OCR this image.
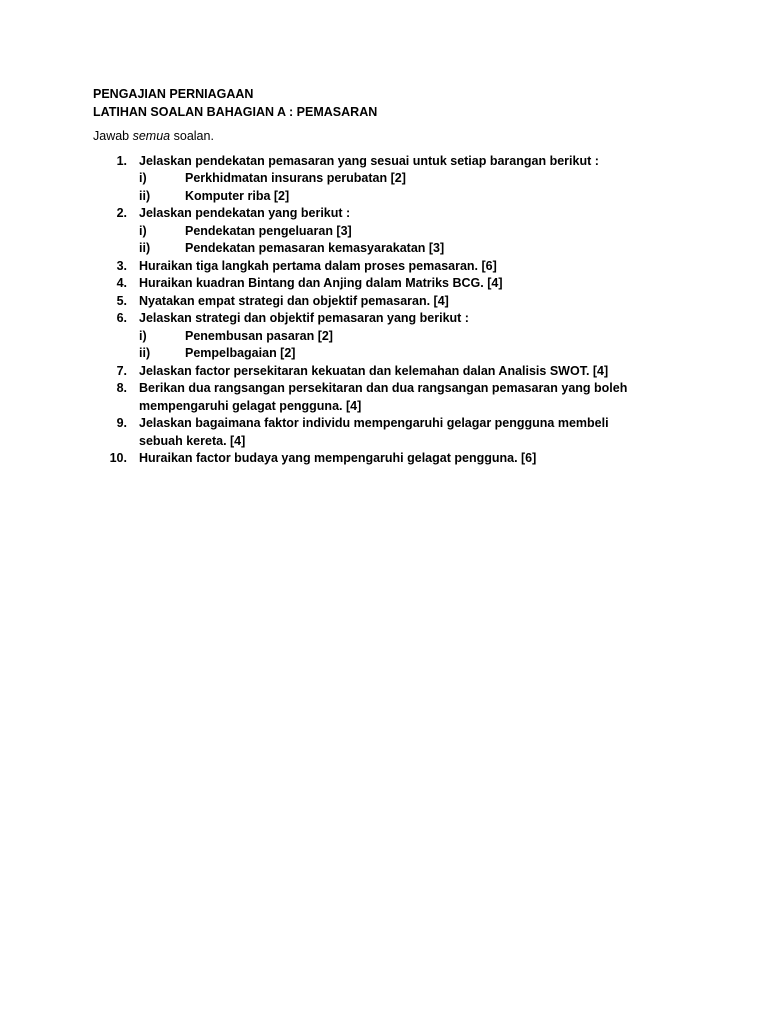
PENGAJIAN PERNIAGAAN
LATIHAN SOALAN BAHAGIAN A : PEMASARAN
Jawab semua soalan.
1. Jelaskan pendekatan pemasaran yang sesuai untuk setiap barangan berikut :
i)	Perkhidmatan insurans perubatan [2]
ii)	Komputer riba [2]
2. Jelaskan pendekatan yang berikut :
i)	Pendekatan pengeluaran [3]
ii)	Pendekatan pemasaran kemasyarakatan [3]
3. Huraikan tiga langkah pertama dalam proses pemasaran. [6]
4. Huraikan kuadran Bintang dan Anjing dalam Matriks BCG. [4]
5. Nyatakan empat strategi dan objektif pemasaran. [4]
6. Jelaskan strategi dan objektif pemasaran yang berikut :
i)	Penembusan pasaran [2]
ii)	Pempelbagaian [2]
7. Jelaskan factor persekitaran kekuatan dan kelemahan dalan Analisis SWOT. [4]
8. Berikan dua rangsangan persekitaran dan dua rangsangan pemasaran yang boleh mempengaruhi gelagat pengguna. [4]
9. Jelaskan bagaimana faktor individu mempengaruhi gelagar pengguna membeli sebuah kereta. [4]
10. Huraikan factor budaya yang mempengaruhi gelagat pengguna. [6]
